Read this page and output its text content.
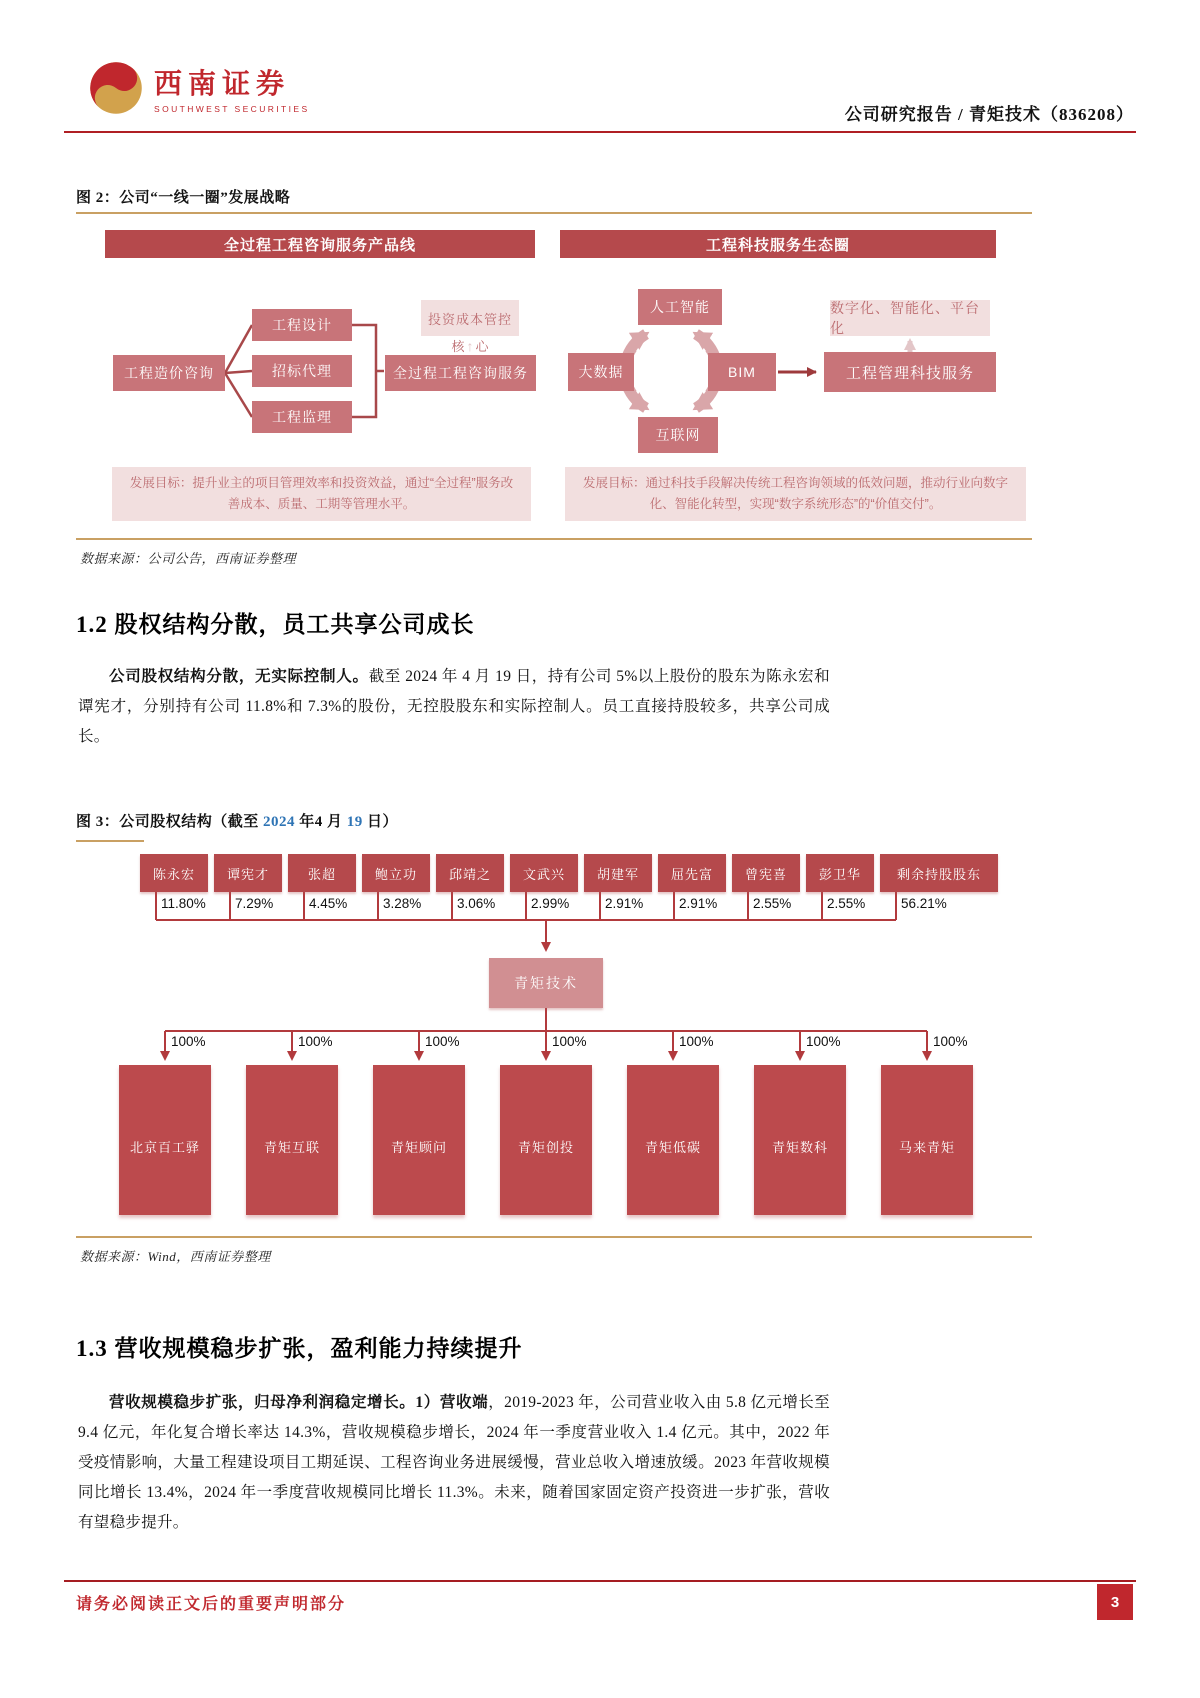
西南证券
SOUTHWEST SECURITIES	公司研究报告 / 青矩技术（836208）
图 2：公司“一线一圈”发展战略
全过程工程咨询服务产品线	工程科技服务生态圈
工程造价咨询
工程设计
招标代理
工程监理
投资成本管控
核 ↑ 心
全过程工程咨询服务
人工智能
大数据	BIM
互联网
数字化、智能化、平台化
工程管理科技服务
发展目标：提升业主的项目管理效率和投资效益，通过“全过程”服务改善成本、质量、工期等管理水平。
发展目标：通过科技手段解决传统工程咨询领域的低效问题，推动行业向数字化、智能化转型，实现“数字系统形态”的“价值交付”。
数据来源：公司公告，西南证券整理
1.2 股权结构分散，员工共享公司成长

公司股权结构分散，无实际控制人。截至 2024 年 4 月 19 日，持有公司 5%以上股份的股东为陈永宏和谭宪才，分别持有公司 11.8%和 7.3%的股份，无控股股东和实际控制人。员工直接持股较多，共享公司成长。

图 3：公司股权结构（截至 2024 年4 月 19 日）
陈永宏
11.80%
谭宪才
7.29%
张超
4.45%
鲍立功
3.28%
邱靖之
3.06%
文武兴
2.99%
胡建军
2.91%
屈先富
2.91%
曾宪喜
2.55%
彭卫华
2.55%
剩余持股股东
56.21%
青矩技术
100%	100%	100%	100%	100%	100%	100%
北京百工驿	青矩互联	青矩顾问	青矩创投	青矩低碳	青矩数科	马来青矩
数据来源：Wind，西南证券整理
1.3 营收规模稳步扩张，盈利能力持续提升

营收规模稳步扩张，归母净利润稳定增长。1）营收端，2019-2023 年，公司营业收入由 5.8 亿元增长至 9.4 亿元，年化复合增长率达 14.3%，营收规模稳步增长，2024 年一季度营业收入 1.4 亿元。其中，2022 年受疫情影响，大量工程建设项目工期延误、工程咨询业务进展缓慢，营业总收入增速放缓。2023 年营收规模同比增长 13.4%，2024 年一季度营收规模同比增长 11.3%。未来，随着国家固定资产投资进一步扩张，营收有望稳步提升。

请务必阅读正文后的重要声明部分	3
